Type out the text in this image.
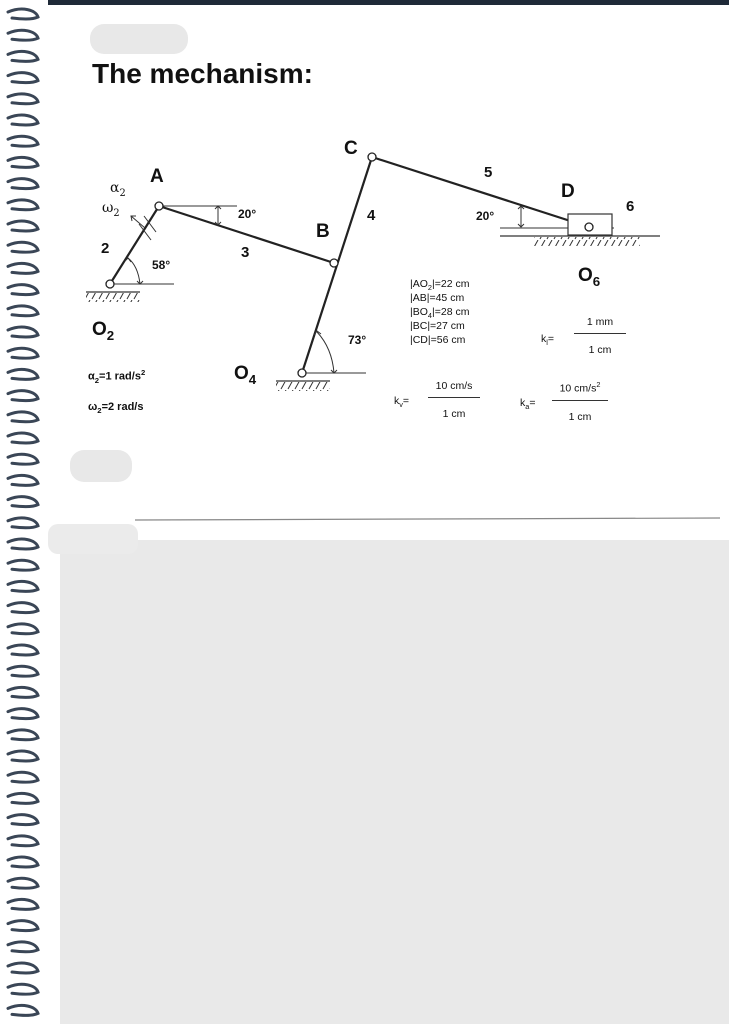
The mechanism:
A
B
C
D
$O_2$
$O_4$
$O_6$
2	3
4
5
6
20°
58°
73°
20°
$\alpha_2$
$\omega_2$
$|AO_2|=22$ cm
|AB|=45 cm
$|BO_4|=28$ cm
|BC|=27 cm
|CD|=56 cm
$\alpha_2=1$ rad/$s^2$
$\omega_2=2$ rad/s
$k_l= \frac{1 mm}{1 cm}$
$k_v= \frac{10 cm/s}{1 cm}$	$k_a= \frac{10 cm/s^2}{1 cm}$
